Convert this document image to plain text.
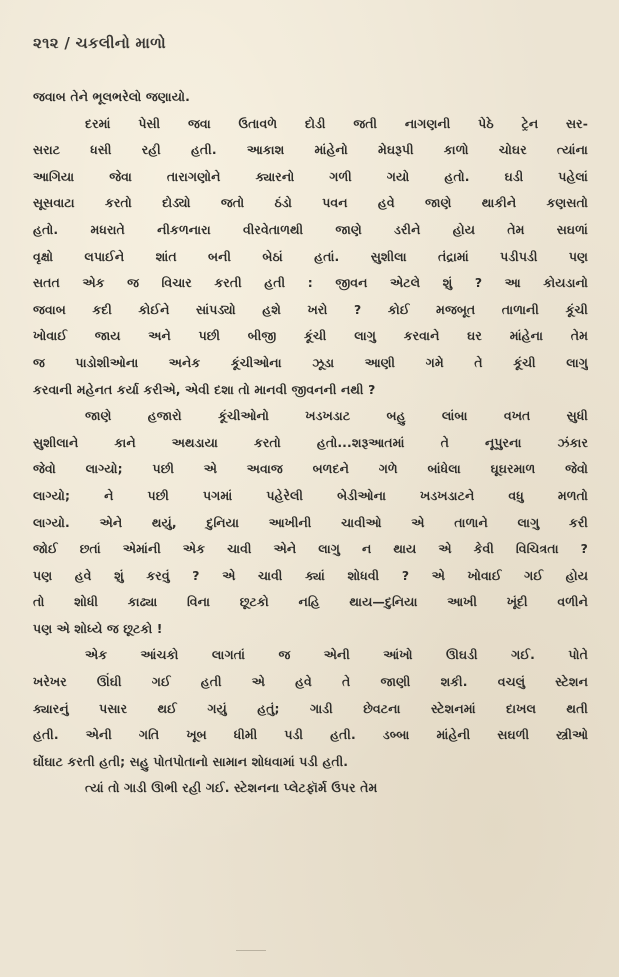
૨૧૨ / ચકલીનો માળો
જવાબ તેને ભૂલભરેલો જણાયો.
દરમાં પેસી જવા ઉતાવળે દોડી જતી નાગણની પેઠે ટ્રેન સર-
સરાટ ધસી રહી હતી. આકાશ માંહેનો મેઘરૂપી કાળો ચોઘર ત્યાંના
આગિયા જેવા તારાગણોને ક્યારનો ગળી ગયો હતો. ઘડી પહેલાં
સૂસવાટા કરતો દોડ્યો જતો ઠંડો પવન હવે જાણે થાકીને કણસતો
હતો. મધરાતે નીકળનારા વીરવેતાળથી જાણે ડરીને હોય તેમ સઘળાં
વૃક્ષો લપાઈને શાંત બની બેઠાં હતાં. સુશીલા તંદ્રામાં પડીપડી પણ
સતત એક જ વિચાર કરતી હતી : જીવન એટલે શું ? આ કોયડાનો
જવાબ કદી કોઈને સાંપડ્યો હશે ખરો ? કોઈ મજબૂત તાળાની કૂંચી
ખોવાઈ જાય અને પછી બીજી કૂંચી લાગુ કરવાને ઘર માંહેના તેમ
જ પાડોશીઓના અનેક કૂંચીઓના ઝૂડા આણી ગમે તે કૂંચી લાગુ
કરવાની મહેનત કર્યા કરીએ, એવી દશા તો માનવી જીવનની નથી ?
જાણે હજારો કૂંચીઓનો ખડખડાટ બહુ લાંબા વખત સુધી
સુશીલાને કાને અથડાયા કરતો હતો...શરૂઆતમાં તે નૂપુરના ઝંકાર
જેવો લાગ્યો; પછી એ અવાજ બળદને ગળે બાંધેલા ઘૂઘરમાળ જેવો
લાગ્યો; ને પછી પગમાં પહેરેલી બેડીઓના ખડખડાટને વધુ મળતો
લાગ્યો. એને થયું, દુનિયા આખીની ચાવીઓ એ તાળાને લાગુ કરી
જોઈ છતાં એમાંની એક ચાવી એને લાગુ ન થાય એ કેવી વિચિત્રતા ?
પણ હવે શું કરવું ? એ ચાવી ક્યાં શોધવી ? એ ખોવાઈ ગઈ હોય
તો શોધી કાઢ્યા વિના છૂટકો નહિ થાય—દુનિયા આખી ખૂંદી વળીને
પણ એ શોધ્યે જ છૂટકો !
એક આંચકો લાગતાં જ એની આંખો ઊઘડી ગઈ. પોતે
ખરેખર ઊંઘી ગઈ હતી એ હવે તે જાણી શકી. વચલું સ્ટેશન
ક્યારનું પસાર થઈ ગયું હતું; ગાડી છેવટના સ્ટેશનમાં દાખલ થતી
હતી. એની ગતિ ખૂબ ધીમી પડી હતી. ડબ્બા માંહેની સઘળી સ્ત્રીઓ
ઘોંઘાટ કરતી હતી; સહુ પોતપોતાનો સામાન શોધવામાં પડી હતી.
ત્યાં તો ગાડી ઊભી રહી ગઈ. સ્ટેશનના પ્લેટફૉર્મ ઉપર તેમ
